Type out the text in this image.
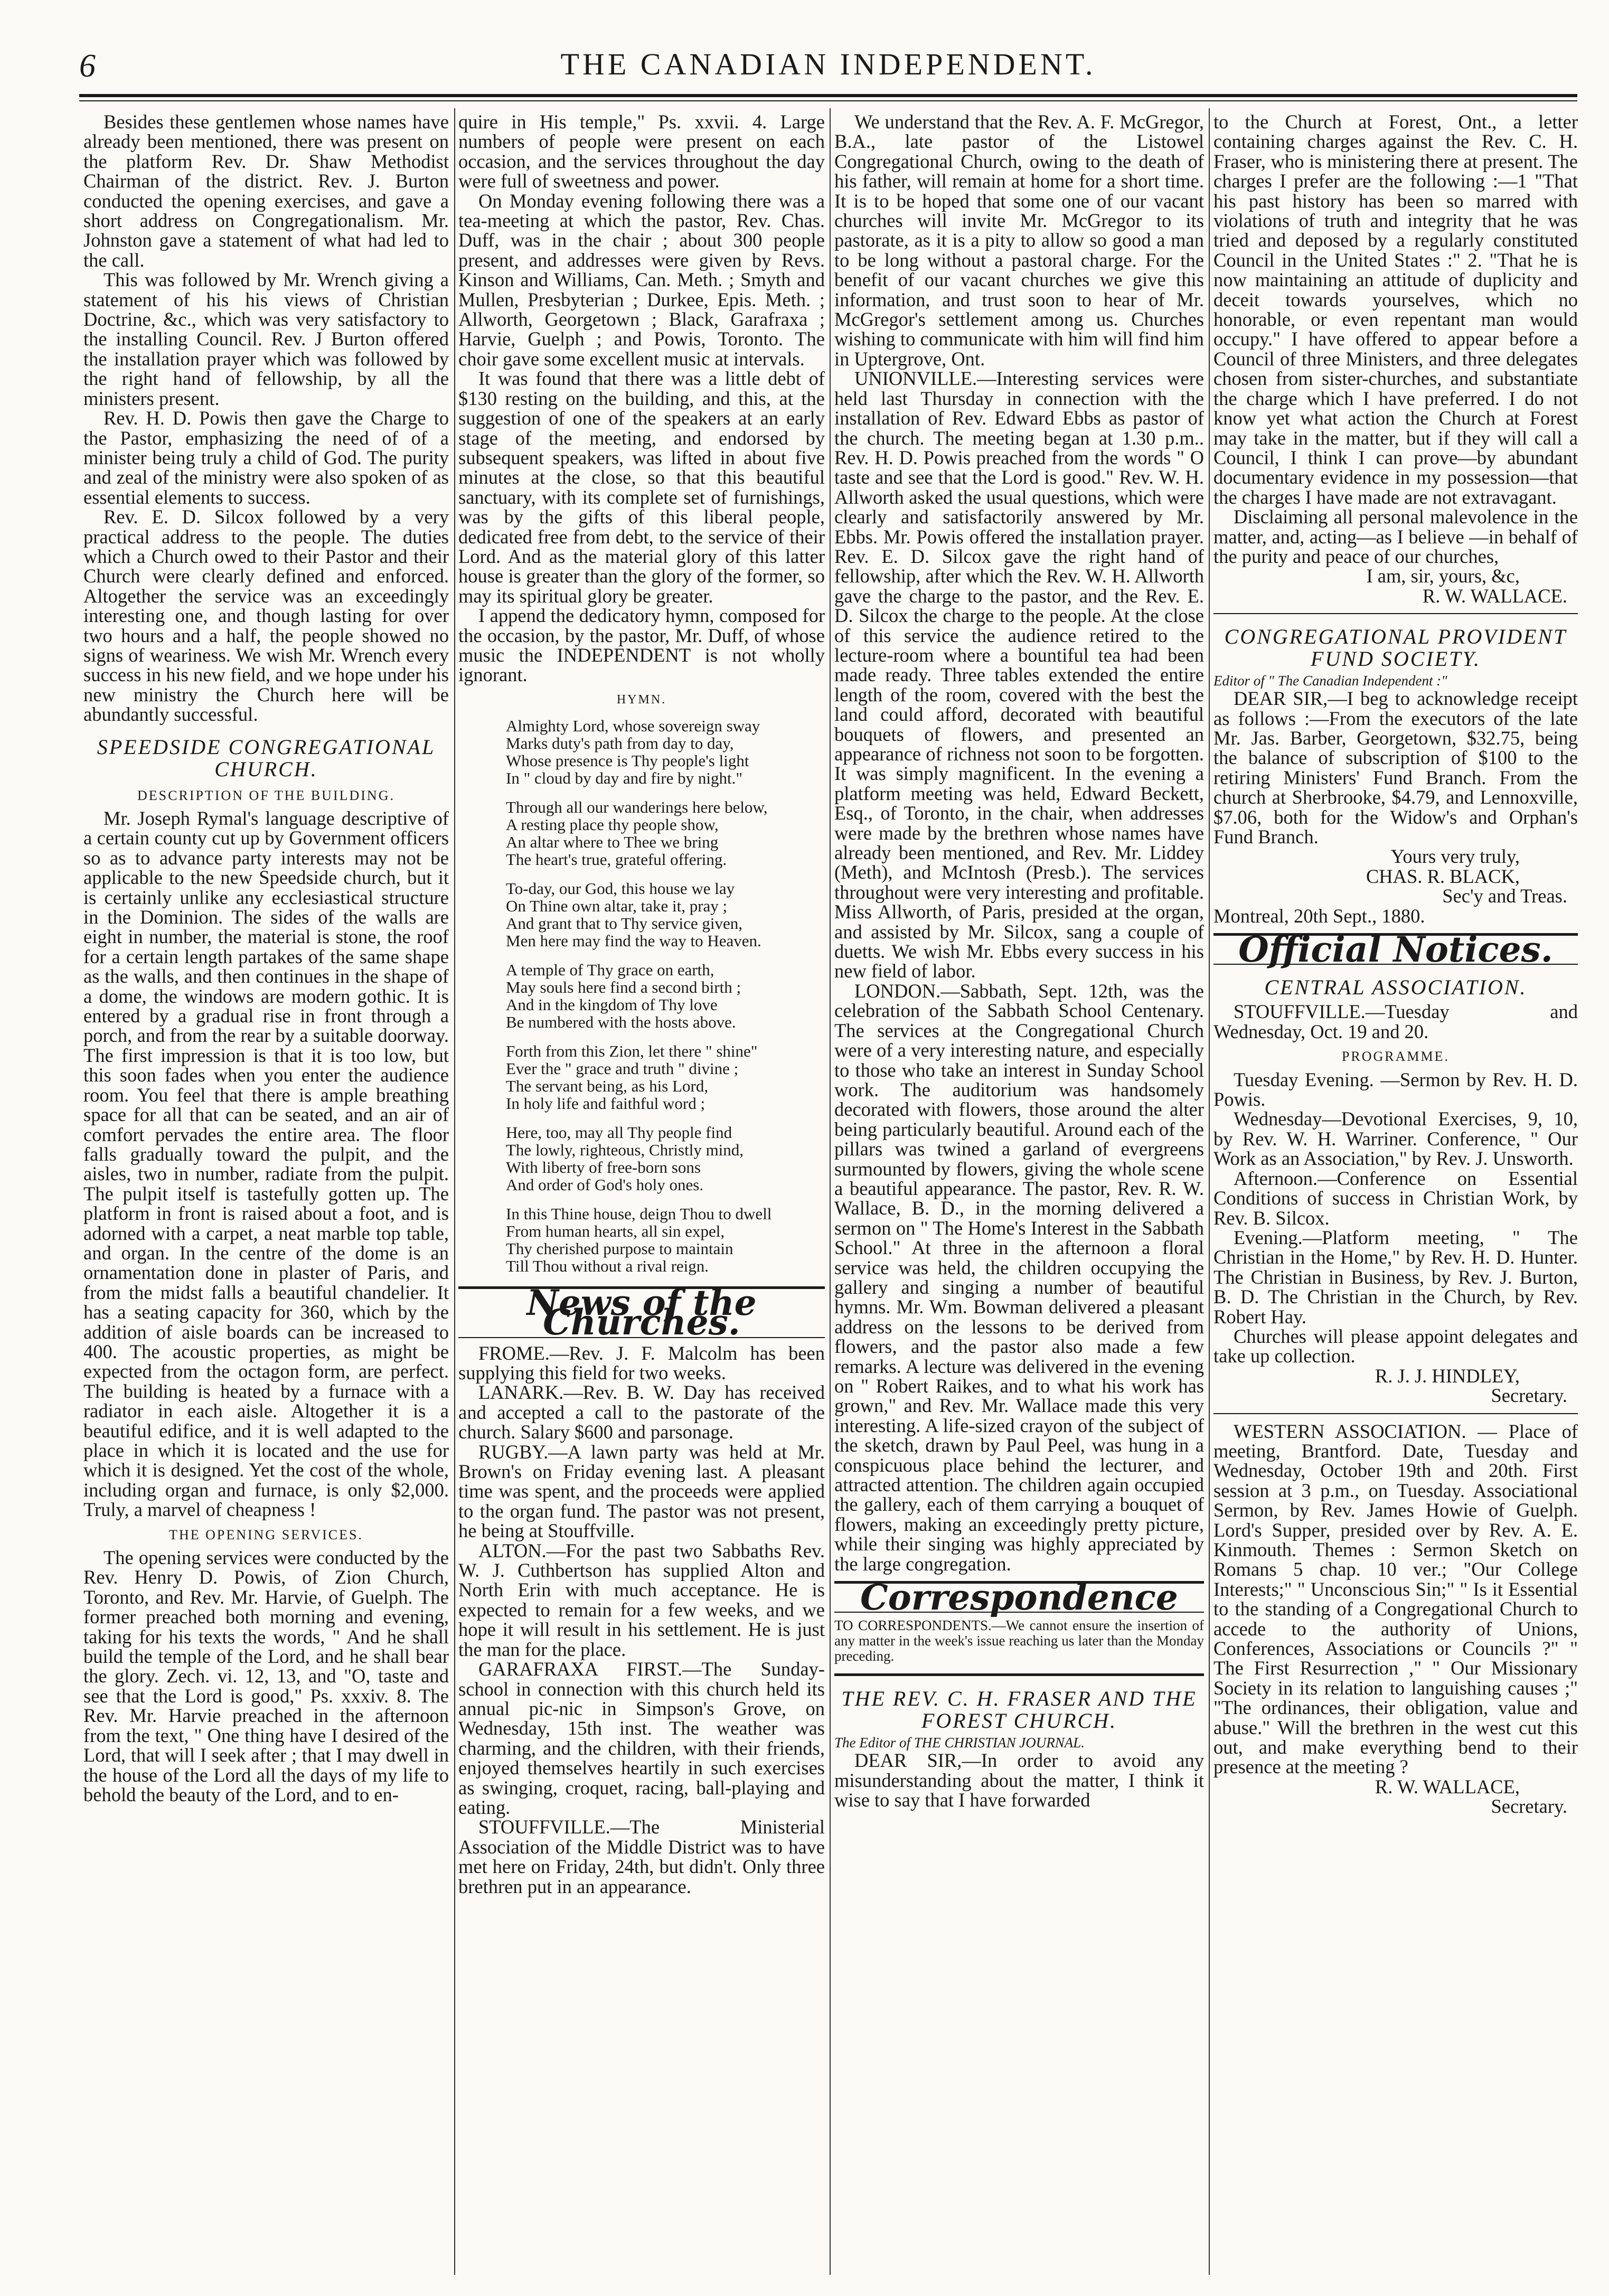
6	THE CANADIAN INDEPENDENT.

Besides these gentlemen whose names have already been mentioned, there was present on the platform Rev. Dr. Shaw Methodist Chairman of the district. Rev. J. Burton conducted the opening exercises, and gave a short address on Congregationalism. Mr. Johnston gave a statement of what had led to the call.

This was followed by Mr. Wrench giving a statement of his his views of Christian Doctrine, &c., which was very satisfactory to the installing Council. Rev. J Burton offered the installation prayer which was followed by the right hand of fellowship, by all the ministers present.

Rev. H. D. Powis then gave the Charge to the Pastor, emphasizing the need of of a minister being truly a child of God. The purity and zeal of the ministry were also spoken of as essential elements to success.

Rev. E. D. Silcox followed by a very practical address to the people. The duties which a Church owed to their Pastor and their Church were clearly defined and enforced. Altogether the service was an exceedingly interesting one, and though lasting for over two hours and a half, the people showed no signs of weariness. We wish Mr. Wrench every success in his new field, and we hope under his new ministry the Church here will be abundantly successful.

SPEEDSIDE CONGREGATIONAL CHURCH.
DESCRIPTION OF THE BUILDING.

Mr. Joseph Rymal's language descriptive of a certain county cut up by Government officers so as to advance party interests may not be applicable to the new Speedside church, but it is certainly unlike any ecclesiastical structure in the Dominion. The sides of the walls are eight in number, the material is stone, the roof for a certain length partakes of the same shape as the walls, and then continues in the shape of a dome, the windows are modern gothic. It is entered by a gradual rise in front through a porch, and from the rear by a suitable doorway. The first impression is that it is too low, but this soon fades when you enter the audience room. You feel that there is ample breathing space for all that can be seated, and an air of comfort pervades the entire area. The floor falls gradually toward the pulpit, and the aisles, two in number, radiate from the pulpit. The pulpit itself is tastefully gotten up. The platform in front is raised about a foot, and is adorned with a carpet, a neat marble top table, and organ. In the centre of the dome is an ornamentation done in plaster of Paris, and from the midst falls a beautiful chandelier. It has a seating capacity for 360, which by the addition of aisle boards can be increased to 400. The acoustic properties, as might be expected from the octagon form, are perfect. The building is heated by a furnace with a radiator in each aisle. Altogether it is a beautiful edifice, and it is well adapted to the place in which it is located and the use for which it is designed. Yet the cost of the whole, including organ and furnace, is only $2,000. Truly, a marvel of cheapness !

THE OPENING SERVICES.

The opening services were conducted by the Rev. Henry D. Powis, of Zion Church, Toronto, and Rev. Mr. Harvie, of Guelph. The former preached both morning and evening, taking for his texts the words, " And he shall build the temple of the Lord, and he shall bear the glory. Zech. vi. 12, 13, and "O, taste and see that the Lord is good," Ps. xxxiv. 8. The Rev. Mr. Harvie preached in the afternoon from the text, " One thing have I desired of the Lord, that will I seek after ; that I may dwell in the house of the Lord all the days of my life to behold the beauty of the Lord, and to en-

quire in His temple," Ps. xxvii. 4. Large numbers of people were present on each occasion, and the services throughout the day were full of sweetness and power.

On Monday evening following there was a tea-meeting at which the pastor, Rev. Chas. Duff, was in the chair ; about 300 people present, and addresses were given by Revs. Kinson and Williams, Can. Meth. ; Smyth and Mullen, Presbyterian ; Durkee, Epis. Meth. ; Allworth, Georgetown ; Black, Garafraxa ; Harvie, Guelph ; and Powis, Toronto. The choir gave some excellent music at intervals.

It was found that there was a little debt of $130 resting on the building, and this, at the suggestion of one of the speakers at an early stage of the meeting, and endorsed by subsequent speakers, was lifted in about five minutes at the close, so that this beautiful sanctuary, with its complete set of furnishings, was by the gifts of this liberal people, dedicated free from debt, to the service of their Lord. And as the material glory of this latter house is greater than the glory of the former, so may its spiritual glory be greater.

I append the dedicatory hymn, composed for the occasion, by the pastor, Mr. Duff, of whose music the INDEPENDENT is not wholly ignorant.

HYMN.
Almighty Lord, whose sovereign sway
Marks duty's path from day to day,
Whose presence is Thy people's light
In " cloud by day and fire by night."
Through all our wanderings here below,
A resting place thy people show,
An altar where to Thee we bring
The heart's true, grateful offering.
To-day, our God, this house we lay
On Thine own altar, take it, pray ;
And grant that to Thy service given,
Men here may find the way to Heaven.
A temple of Thy grace on earth,
May souls here find a second birth ;
And in the kingdom of Thy love
Be numbered with the hosts above.
Forth from this Zion, let there " shine"
Ever the " grace and truth " divine ;
The servant being, as his Lord,
In holy life and faithful word ;
Here, too, may all Thy people find
The lowly, righteous, Christly mind,
With liberty of free-born sons
And order of God's holy ones.
In this Thine house, deign Thou to dwell
From human hearts, all sin expel,
Thy cherished purpose to maintain
Till Thou without a rival reign.
News of the Churches.

FROME.—Rev. J. F. Malcolm has been supplying this field for two weeks.

LANARK.—Rev. B. W. Day has received and accepted a call to the pastorate of the church. Salary $600 and parsonage.

RUGBY.—A lawn party was held at Mr. Brown's on Friday evening last. A pleasant time was spent, and the proceeds were applied to the organ fund. The pastor was not present, he being at Stouffville.

ALTON.—For the past two Sabbaths Rev. W. J. Cuthbertson has supplied Alton and North Erin with much acceptance. He is expected to remain for a few weeks, and we hope it will result in his settlement. He is just the man for the place.

GARAFRAXA FIRST.—The Sunday-school in connection with this church held its annual pic-nic in Simpson's Grove, on Wednesday, 15th inst. The weather was charming, and the children, with their friends, enjoyed themselves heartily in such exercises as swinging, croquet, racing, ball-playing and eating.

STOUFFVILLE.—The Ministerial Association of the Middle District was to have met here on Friday, 24th, but didn't. Only three brethren put in an appearance.

We understand that the Rev. A. F. McGregor, B.A., late pastor of the Listowel Congregational Church, owing to the death of his father, will remain at home for a short time. It is to be hoped that some one of our vacant churches will invite Mr. McGregor to its pastorate, as it is a pity to allow so good a man to be long without a pastoral charge. For the benefit of our vacant churches we give this information, and trust soon to hear of Mr. McGregor's settlement among us. Churches wishing to communicate with him will find him in Uptergrove, Ont.

UNIONVILLE.—Interesting services were held last Thursday in connection with the installation of Rev. Edward Ebbs as pastor of the church. The meeting began at 1.30 p.m.. Rev. H. D. Powis preached from the words " O taste and see that the Lord is good." Rev. W. H. Allworth asked the usual questions, which were clearly and satisfactorily answered by Mr. Ebbs. Mr. Powis offered the installation prayer. Rev. E. D. Silcox gave the right hand of fellowship, after which the Rev. W. H. Allworth gave the charge to the pastor, and the Rev. E. D. Silcox the charge to the people. At the close of this service the audience retired to the lecture-room where a bountiful tea had been made ready. Three tables extended the entire length of the room, covered with the best the land could afford, decorated with beautiful bouquets of flowers, and presented an appearance of richness not soon to be forgotten. It was simply magnificent. In the evening a platform meeting was held, Edward Beckett, Esq., of Toronto, in the chair, when addresses were made by the brethren whose names have already been mentioned, and Rev. Mr. Liddey (Meth), and McIntosh (Presb.). The services throughout were very interesting and profitable. Miss Allworth, of Paris, presided at the organ, and assisted by Mr. Silcox, sang a couple of duetts. We wish Mr. Ebbs every success in his new field of labor.

LONDON.—Sabbath, Sept. 12th, was the celebration of the Sabbath School Centenary. The services at the Congregational Church were of a very interesting nature, and especially to those who take an interest in Sunday School work. The auditorium was handsomely decorated with flowers, those around the alter being particularly beautiful. Around each of the pillars was twined a garland of evergreens surmounted by flowers, giving the whole scene a beautiful appearance. The pastor, Rev. R. W. Wallace, B. D., in the morning delivered a sermon on " The Home's Interest in the Sabbath School." At three in the afternoon a floral service was held, the children occupying the gallery and singing a number of beautiful hymns. Mr. Wm. Bowman delivered a pleasant address on the lessons to be derived from flowers, and the pastor also made a few remarks. A lecture was delivered in the evening on " Robert Raikes, and to what his work has grown," and Rev. Mr. Wallace made this very interesting. A life-sized crayon of the subject of the sketch, drawn by Paul Peel, was hung in a conspicuous place behind the lecturer, and attracted attention. The children again occupied the gallery, each of them carrying a bouquet of flowers, making an exceedingly pretty picture, while their singing was highly appreciated by the large congregation.

Correspondence

TO CORRESPONDENTS.—We cannot ensure the insertion of any matter in the week's issue reaching us later than the Monday preceding.

THE REV. C. H. FRASER AND THE FOREST CHURCH.

The Editor of THE CHRISTIAN JOURNAL.

DEAR SIR,—In order to avoid any misunderstanding about the matter, I think it wise to say that I have forwarded

to the Church at Forest, Ont., a letter containing charges against the Rev. C. H. Fraser, who is ministering there at present. The charges I prefer are the following :—1 "That his past history has been so marred with violations of truth and integrity that he was tried and deposed by a regularly constituted Council in the United States :" 2. "That he is now maintaining an attitude of duplicity and deceit towards yourselves, which no honorable, or even repentant man would occupy." I have offered to appear before a Council of three Ministers, and three delegates chosen from sister-churches, and substantiate the charge which I have preferred. I do not know yet what action the Church at Forest may take in the matter, but if they will call a Council, I think I can prove—by abundant documentary evidence in my possession—that the charges I have made are not extravagant.

Disclaiming all personal malevolence in the matter, and, acting—as I believe —in behalf of the purity and peace of our churches,

I am, sir, yours, &c,

R. W. WALLACE.

CONGREGATIONAL PROVIDENT FUND SOCIETY.

Editor of " The Canadian Independent :"

DEAR SIR,—I beg to acknowledge receipt as follows :—From the executors of the late Mr. Jas. Barber, Georgetown, $32.75, being the balance of subscription of $100 to the retiring Ministers' Fund Branch. From the church at Sherbrooke, $4.79, and Lennoxville, $7.06, both for the Widow's and Orphan's Fund Branch.

Yours very truly,

CHAS. R. BLACK,

Sec'y and Treas.

Montreal, 20th Sept., 1880.

Official Notices.
CENTRAL ASSOCIATION.

STOUFFVILLE.—Tuesday and Wednesday, Oct. 19 and 20.

PROGRAMME.

Tuesday Evening. —Sermon by Rev. H. D. Powis.

Wednesday—Devotional Exercises, 9, 10, by Rev. W. H. Warriner. Conference, " Our Work as an Association," by Rev. J. Unsworth.

Afternoon.—Conference on Essential Conditions of success in Christian Work, by Rev. B. Silcox.

Evening.—Platform meeting, " The Christian in the Home," by Rev. H. D. Hunter. The Christian in Business, by Rev. J. Burton, B. D. The Christian in the Church, by Rev. Robert Hay.

Churches will please appoint delegates and take up collection.

R. J. J. HINDLEY,

Secretary.

WESTERN ASSOCIATION. — Place of meeting, Brantford. Date, Tuesday and Wednesday, October 19th and 20th. First session at 3 p.m., on Tuesday. Associational Sermon, by Rev. James Howie of Guelph. Lord's Supper, presided over by Rev. A. E. Kinmouth. Themes : Sermon Sketch on Romans 5 chap. 10 ver.; "Our College Interests;" " Unconscious Sin;" " Is it Essential to the standing of a Congregational Church to accede to the authority of Unions, Conferences, Associations or Councils ?" " The First Resurrection ," " Our Missionary Society in its relation to languishing causes ;" "The ordinances, their obligation, value and abuse." Will the brethren in the west cut this out, and make everything bend to their presence at the meeting ?

R. W. WALLACE,

Secretary.
